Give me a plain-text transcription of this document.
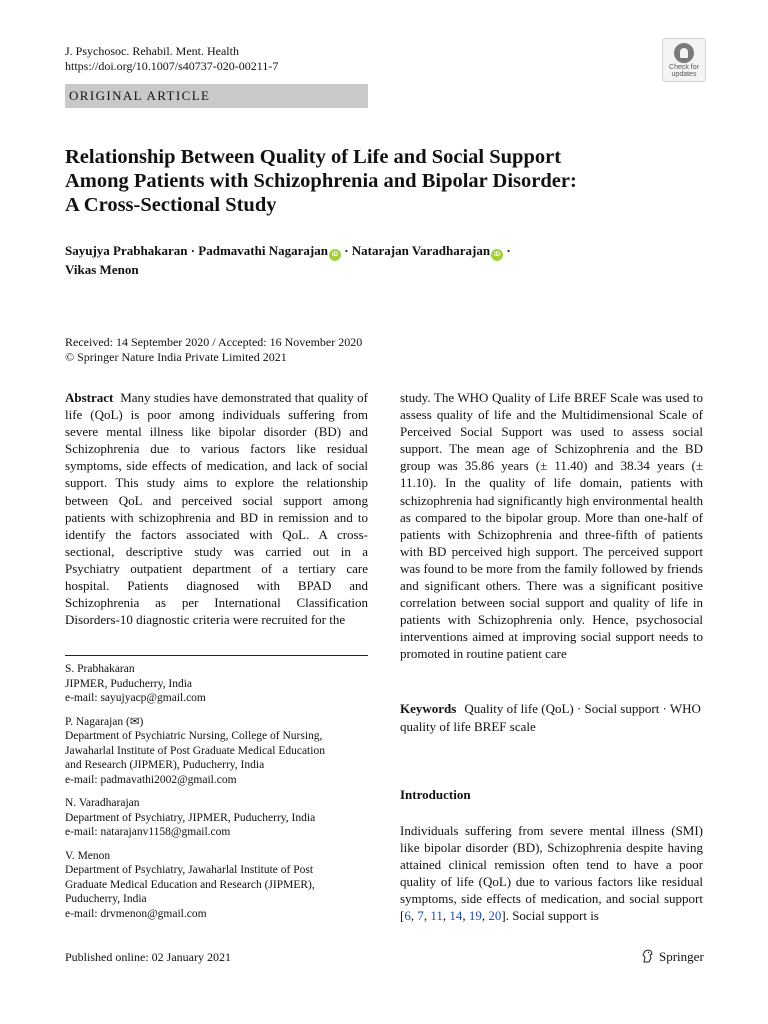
J. Psychosoc. Rehabil. Ment. Health
https://doi.org/10.1007/s40737-020-00211-7	Check for
updates
ORIGINAL ARTICLE
Relationship Between Quality of Life and Social Support
Among Patients with Schizophrenia and Bipolar Disorder:
A Cross-Sectional Study
Sayujya Prabhakaran · Padmavathi Nagarajan iD · Natarajan Varadharajan iD ·
Vikas Menon
Received: 14 September 2020 / Accepted: 16 November 2020
© Springer Nature India Private Limited 2021
Abstract Many studies have demonstrated that quality of life (QoL) is poor among individuals suffering from severe mental illness like bipolar disorder (BD) and Schizophrenia due to various factors like residual symptoms, side effects of medication, and lack of social support. This study aims to explore the relationship between QoL and perceived social support among patients with schizophrenia and BD in remission and to identify the factors associated with QoL. A cross-sectional, descriptive study was carried out in a Psychiatry outpatient department of a tertiary care hospital. Patients diagnosed with BPAD and Schizophrenia as per International Classification Disorders-10 diagnostic criteria were recruited for the
study. The WHO Quality of Life BREF Scale was used to assess quality of life and the Multidimensional Scale of Perceived Social Support was used to assess social support. The mean age of Schizophrenia and the BD group was 35.86 years (± 11.40) and 38.34 years (± 11.10). In the quality of life domain, patients with schizophrenia had significantly high environmental health as compared to the bipolar group. More than one-half of patients with Schizophrenia and three-fifth of patients with BD perceived high support. The perceived support was found to be more from the family followed by friends and significant others. There was a significant positive correlation between social support and quality of life in patients with Schizophrenia only. Hence, psychosocial interventions aimed at improving social support needs to promoted in routine patient care
S. Prabhakaran
JIPMER, Puducherry, India
e-mail: sayujyacp@gmail.com
P. Nagarajan (✉)
Department of Psychiatric Nursing, College of Nursing,
Jawaharlal Institute of Post Graduate Medical Education
and Research (JIPMER), Puducherry, India
e-mail: padmavathi2002@gmail.com
N. Varadharajan
Department of Psychiatry, JIPMER, Puducherry, India
e-mail: natarajanv1158@gmail.com
V. Menon
Department of Psychiatry, Jawaharlal Institute of Post
Graduate Medical Education and Research (JIPMER),
Puducherry, India
e-mail: drvmenon@gmail.com
Keywords Quality of life (QoL) · Social support · WHO quality of life BREF scale
Introduction
Individuals suffering from severe mental illness (SMI) like bipolar disorder (BD), Schizophrenia despite having attained clinical remission often tend to have a poor quality of life (QoL) due to various factors like residual symptoms, side effects of medication, and social support [6, 7, 11, 14, 19, 20]. Social support is
Published online: 02 January 2021	Springer
